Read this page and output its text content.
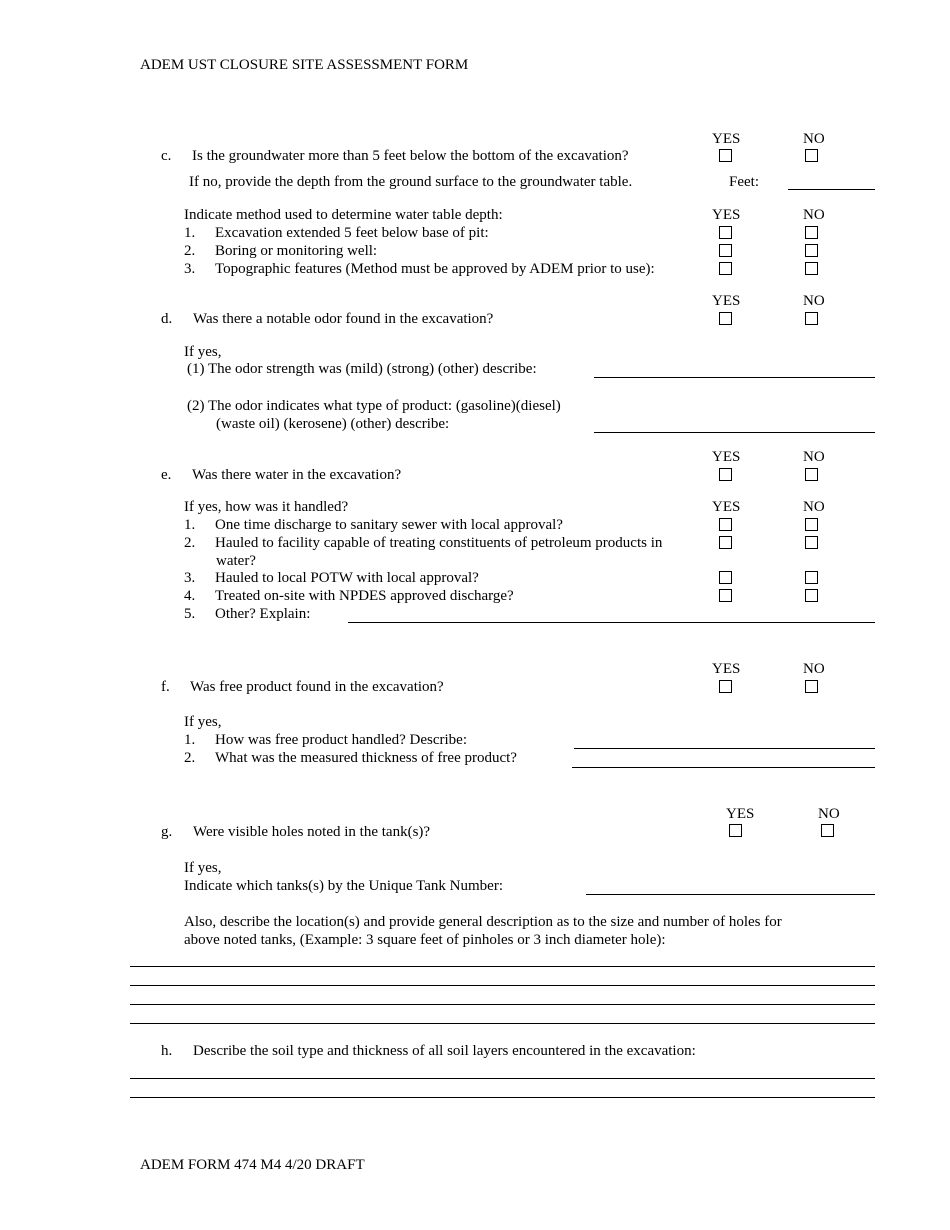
ADEM UST CLOSURE SITE ASSESSMENT FORM
YES	NO
c. Is the groundwater more than 5 feet below the bottom of the excavation?
If no, provide the depth from the ground surface to the groundwater table.	Feet:
Indicate method used to determine water table depth:	YES	NO
1. Excavation extended 5 feet below base of pit:
2. Boring or monitoring well:
3. Topographic features (Method must be approved by ADEM prior to use):
YES	NO
d. Was there a notable odor found in the excavation?
If yes,
(1) The odor strength was (mild) (strong) (other) describe:
(2) The odor indicates what type of product: (gasoline)(diesel)
(waste oil) (kerosene) (other) describe:
YES	NO
e. Was there water in the excavation?
If yes, how was it handled?	YES	NO
1. One time discharge to sanitary sewer with local approval?
2. Hauled to facility capable of treating constituents of petroleum products in
water?
3. Hauled to local POTW with local approval?
4. Treated on-site with NPDES approved discharge?
5. Other? Explain:
YES	NO
f. Was free product found in the excavation?
If yes,
1. How was free product handled? Describe:
2. What was the measured thickness of free product?
YES	NO
g. Were visible holes noted in the tank(s)?
If yes,
Indicate which tanks(s) by the Unique Tank Number:
Also, describe the location(s) and provide general description as to the size and number of holes for
above noted tanks, (Example: 3 square feet of pinholes or 3 inch diameter hole):
h. Describe the soil type and thickness of all soil layers encountered in the excavation:
ADEM FORM 474 M4 4/20 DRAFT
